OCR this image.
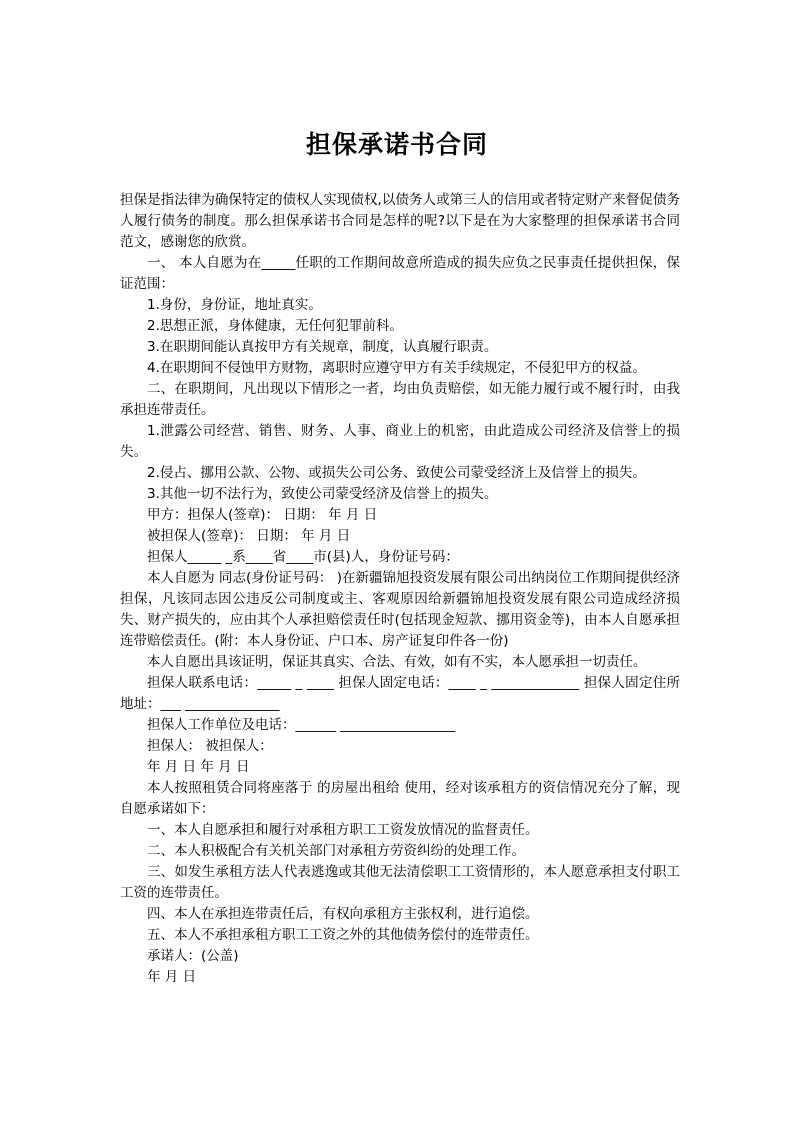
担保承诺书合同

担保是指法律为确保特定的债权人实现债权,以债务人或第三人的信用或者特定财产来督促债务人履行债务的制度。那么担保承诺书合同是怎样的呢?以下是在为大家整理的担保承诺书合同范文，感谢您的欣赏。

一、 本人自愿为在_____任职的工作期间故意所造成的损失应负之民事责任提供担保，保证范围：

1.身份，身份证，地址真实。

2.思想正派，身体健康，无任何犯罪前科。

3.在职期间能认真按甲方有关规章，制度，认真履行职责。

4.在职期间不侵蚀甲方财物，离职时应遵守甲方有关手续规定，不侵犯甲方的权益。

二、在职期间，凡出现以下情形之一者，均由负责赔偿，如无能力履行或不履行时，由我承担连带责任。

1.泄露公司经营、销售、财务、人事、商业上的机密，由此造成公司经济及信誉上的损失。

2.侵占、挪用公款、公物、或损失公司公务、致使公司蒙受经济上及信誉上的损失。

3.其他一切不法行为，致使公司蒙受经济及信誉上的损失。

甲方：担保人(签章)： 日期： 年 月 日

被担保人(签章)： 日期： 年 月 日

担保人_____ _系____省____市(县)人，身份证号码：

本人自愿为 同志(身份证号码： )在新疆锦旭投资发展有限公司出纳岗位工作期间提供经济担保，凡该同志因公违反公司制度或主、客观原因给新疆锦旭投资发展有限公司造成经济损失、财产损失的，应由其个人承担赔偿责任时(包括现金短款、挪用资金等)，由本人自愿承担连带赔偿责任。(附：本人身份证、户口本、房产证复印件各一份)

本人自愿出具该证明，保证其真实、合法、有效，如有不实，本人愿承担一切责任。

担保人联系电话：_____ _ ____ 担保人固定电话：____ _ _____________ 担保人固定住所地址：___ ______________

担保人工作单位及电话：______ _________________

担保人： 被担保人：

年 月 日 年 月 日

本人按照租赁合同将座落于 的房屋出租给 使用，经对该承租方的资信情况充分了解，现自愿承诺如下：

一、本人自愿承担和履行对承租方职工工资发放情况的监督责任。

二、本人积极配合有关机关部门对承租方劳资纠纷的处理工作。

三、如发生承租方法人代表逃逸或其他无法清偿职工工资情形的，本人愿意承担支付职工工资的连带责任。

四、本人在承担连带责任后，有权向承租方主张权利，进行追偿。

五、本人不承担承租方职工工资之外的其他债务偿付的连带责任。

承诺人：(公盖)

年 月 日
